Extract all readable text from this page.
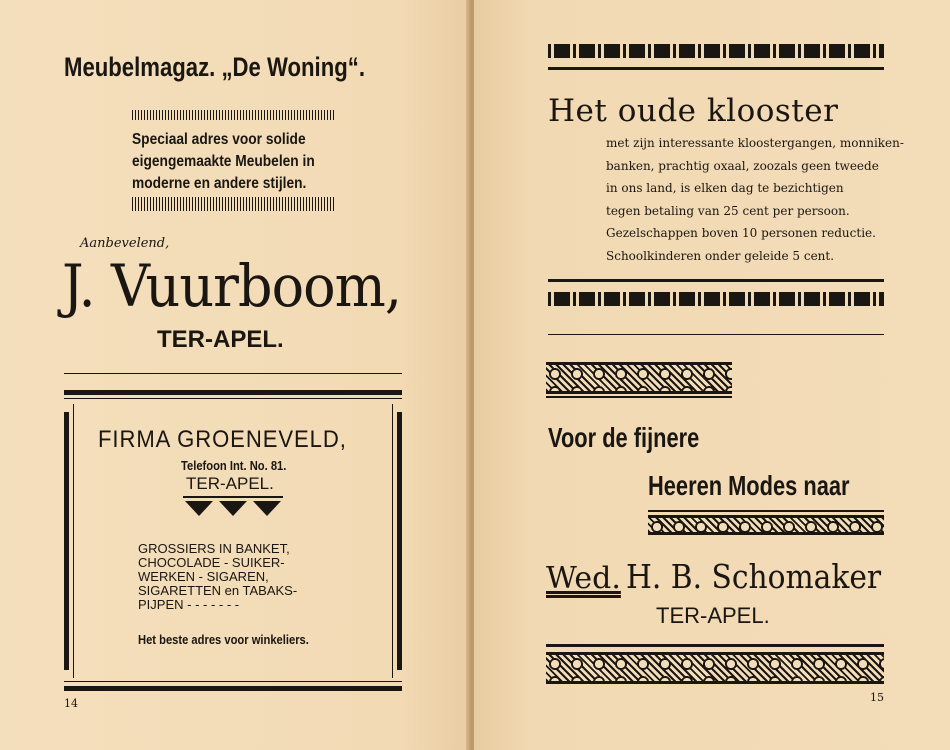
Meubelmagaz. „De Woning“.
Speciaal adres voor solide
eigengemaakte Meubelen in
moderne en andere stijlen.
Aanbevelend,
J. Vuurboom,
TER-APEL.
FIRMA GROENEVELD,
Telefoon Int. No. 81.
TER-APEL.
GROSSIERS IN BANKET,
CHOCOLADE - SUIKER-
WERKEN - SIGAREN,
SIGARETTEN en TABAKS-
PIJPEN - - - - - - -
Het beste adres voor winkeliers.
14
Het oude klooster
met zijn interessante kloostergangen, monniken-
banken, prachtig oxaal, zoozals geen tweede
in ons land, is elken dag te bezichtigen
tegen betaling van 25 cent per persoon.
Gezelschappen boven 10 personen reductie.
Schoolkinderen onder geleide 5 cent.
Voor de fijnere
Heeren Modes naar
Wed. H. B. Schomaker
TER-APEL.
15
